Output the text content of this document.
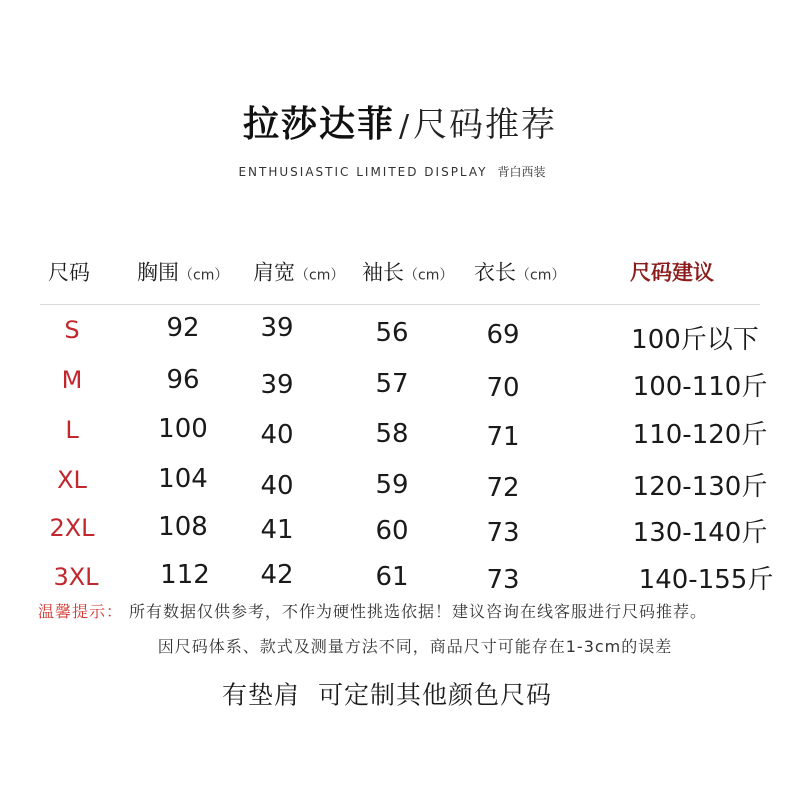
拉莎达菲 / 尺码推荐
ENTHUSIASTIC LIMITED DISPLAY 背白西装
尺码 胸围（cm） 肩宽（cm） 袖长（cm） 衣长（cm）	尺码建议
S	92 39	56	69	100斤以下
M	96 39	57	70	100-110斤
L	100 40	58	71	110-120斤
XL	104 40	59	72	120-130斤
2XL 108 41	60	73	130-140斤
3XL 112 42	61	73	140-155斤
温馨提示： 所有数据仅供参考，不作为硬性挑选依据！建议咨询在线客服进行尺码推荐。
因尺码体系、款式及测量方法不同，商品尺寸可能存在1-3cm的误差
有垫肩  可定制其他颜色尺码
